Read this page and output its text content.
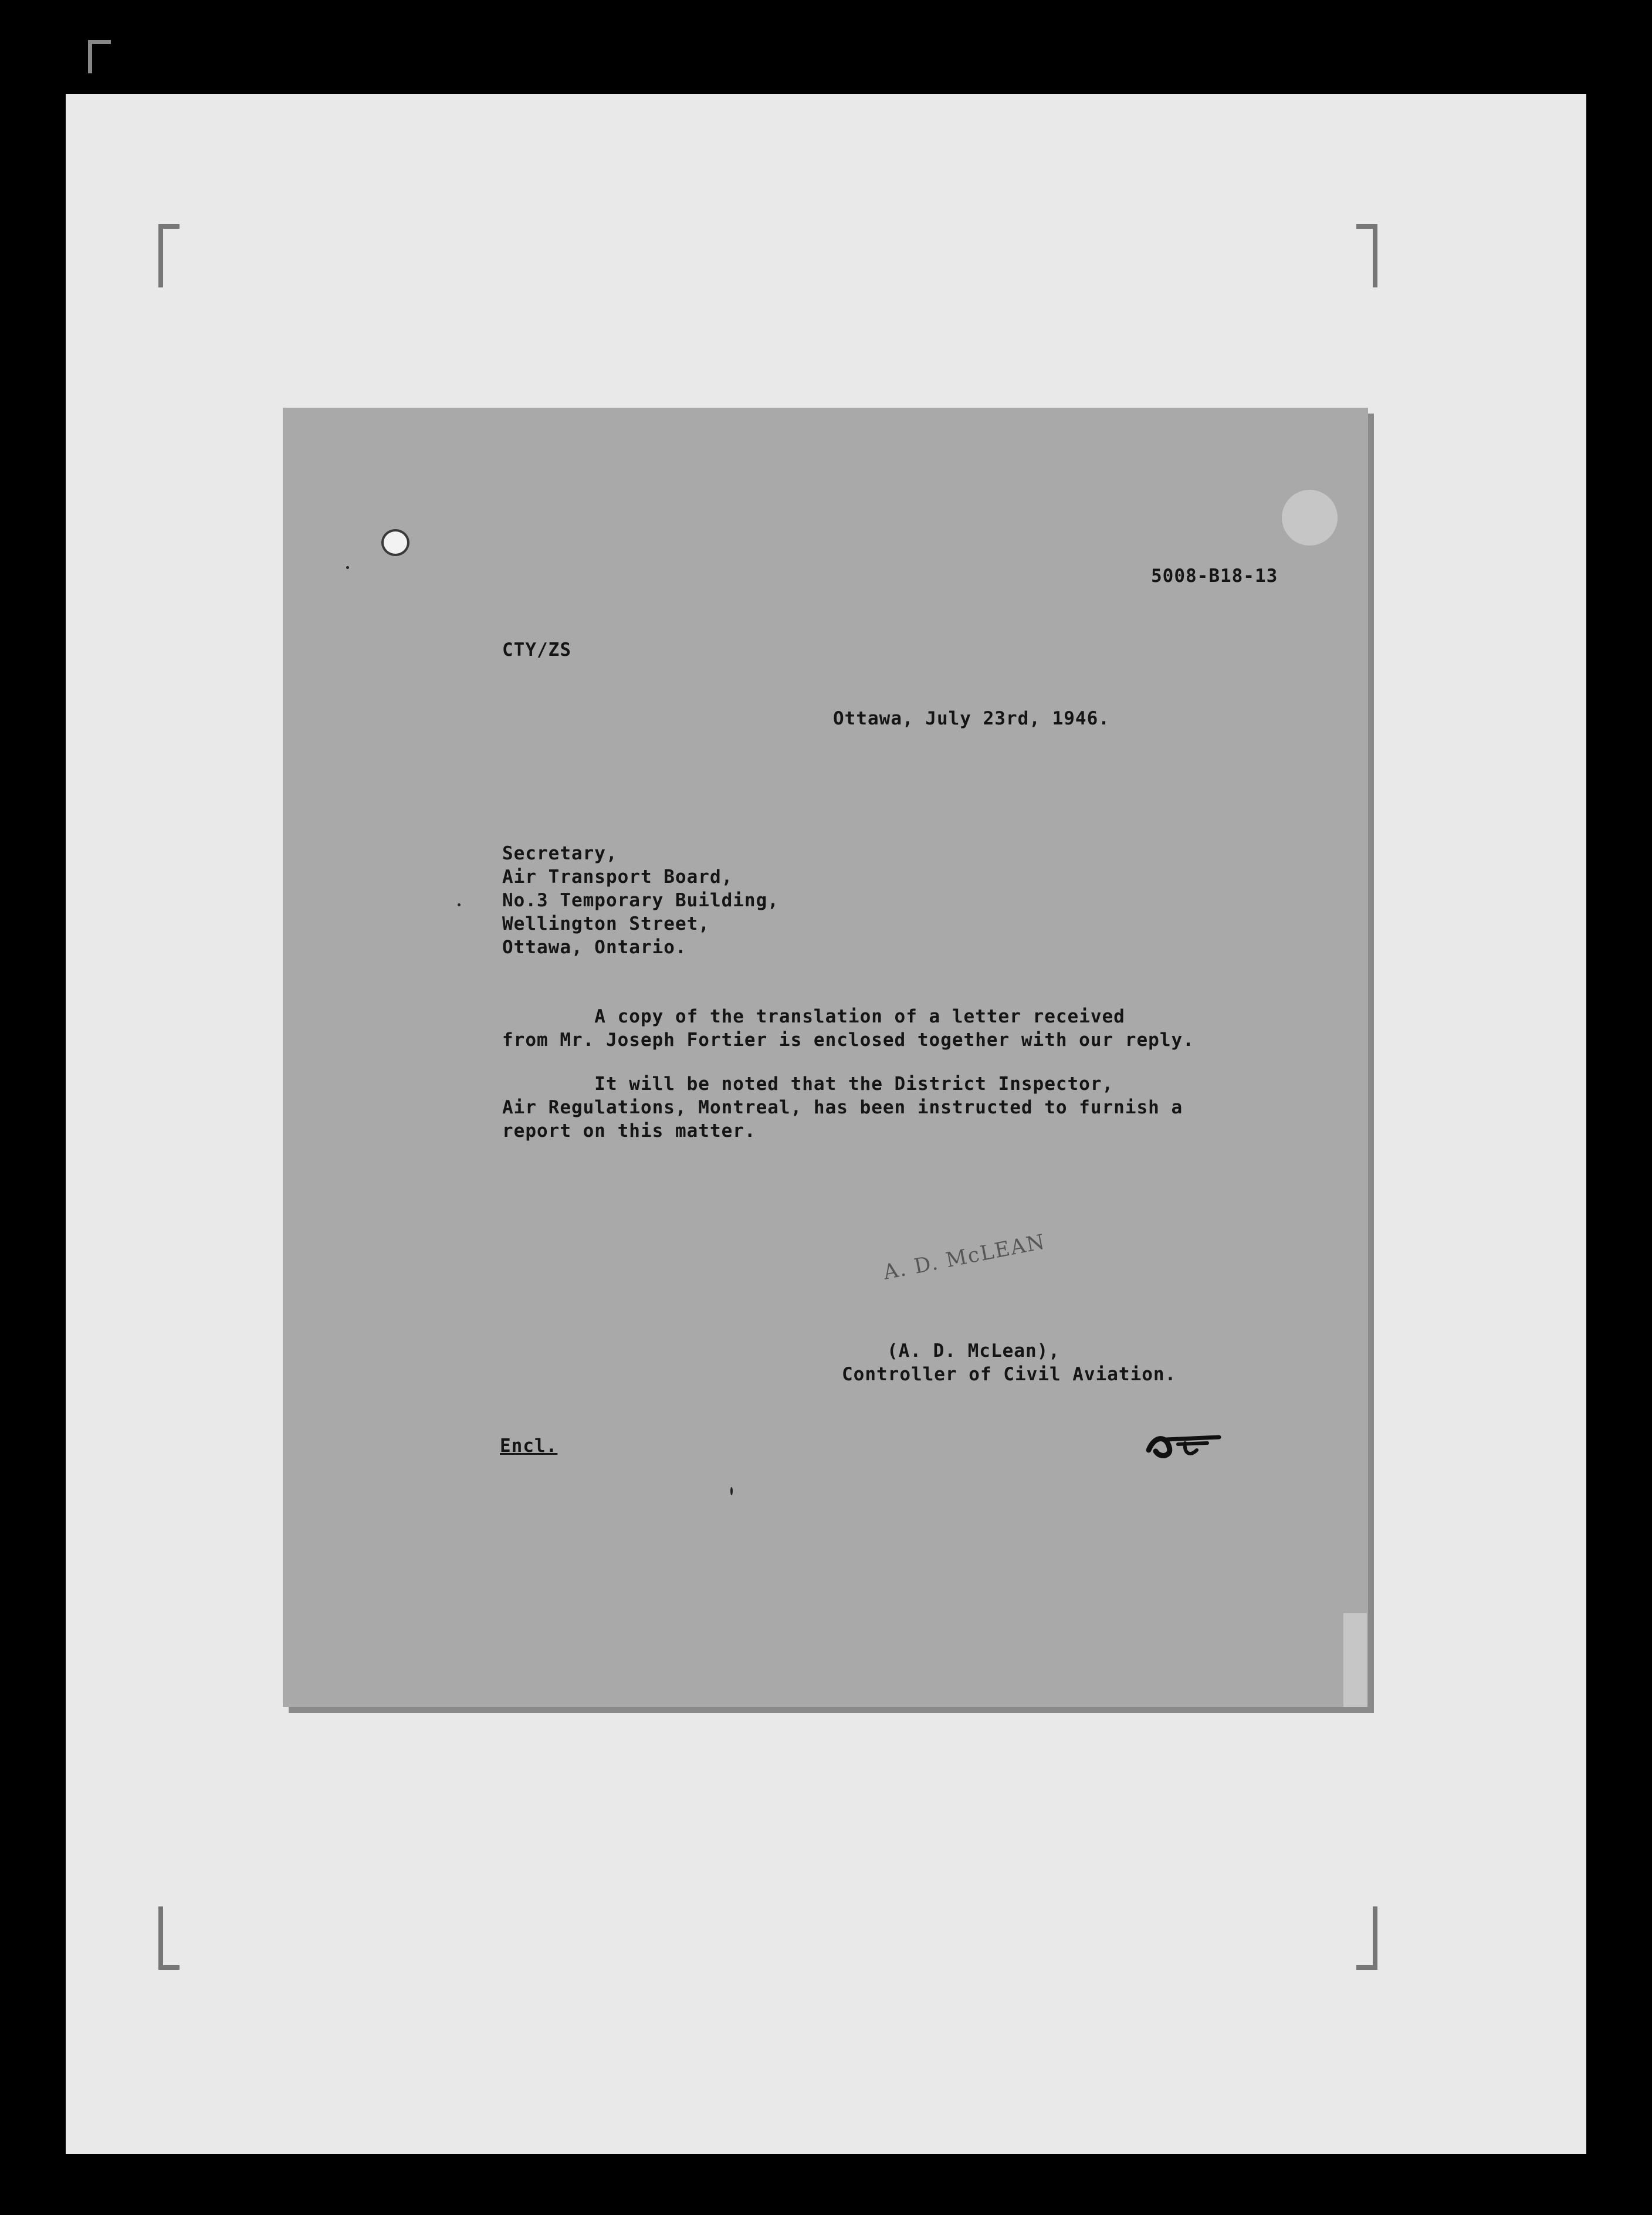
5008-B18-13
CTY/ZS
Ottawa, July 23rd, 1946.
Secretary,
Air Transport Board,
No.3 Temporary Building,
Wellington Street,
Ottawa, Ontario.
A copy of the translation of a letter received
from Mr. Joseph Fortier is enclosed together with our reply.
It will be noted that the District Inspector,
Air Regulations, Montreal, has been instructed to furnish a
report on this matter.
A. D. McLEAN
(A. D. McLean),
Controller of Civil Aviation.
Encl.
